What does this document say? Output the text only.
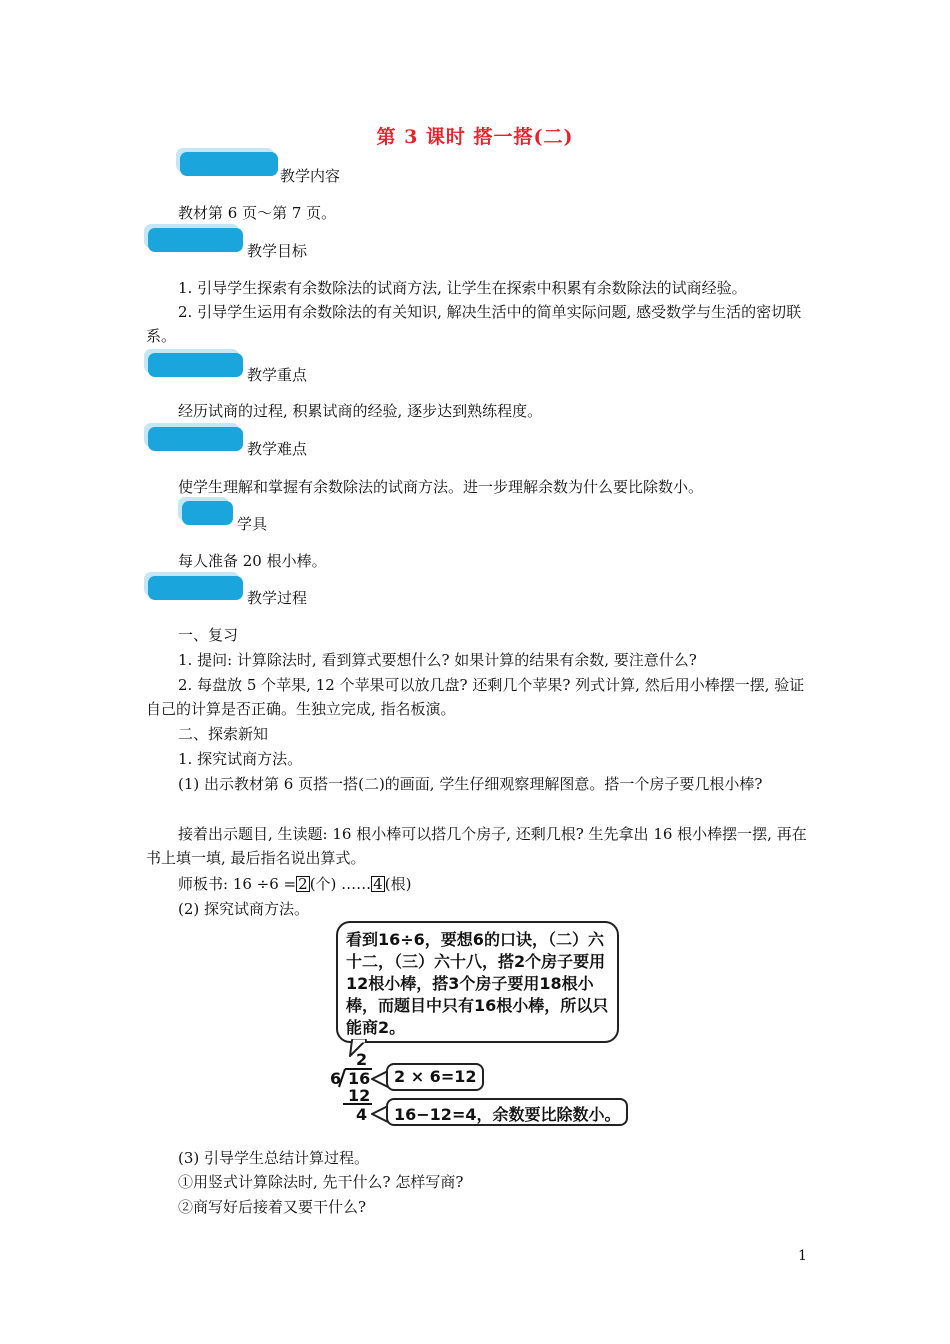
第 3 课时 搭一搭(二)
教学内容
教材第 6 页～第 7 页。
教学目标
1. 引导学生探索有余数除法的试商方法, 让学生在探索中积累有余数除法的试商经验。
2. 引导学生运用有余数除法的有关知识, 解决生活中的简单实际问题, 感受数学与生活的密切联系。
教学重点
经历试商的过程, 积累试商的经验, 逐步达到熟练程度。
教学难点
使学生理解和掌握有余数除法的试商方法。进一步理解余数为什么要比除数小。
学具
每人准备 20 根小棒。
教学过程
一、复习
1. 提问: 计算除法时, 看到算式要想什么? 如果计算的结果有余数, 要注意什么?
2. 每盘放 5 个苹果, 12 个苹果可以放几盘? 还剩几个苹果? 列式计算, 然后用小棒摆一摆, 验证自己的计算是否正确。生独立完成, 指名板演。
二、探索新知
1. 探究试商方法。
(1) 出示教材第 6 页搭一搭(二)的画面, 学生仔细观察理解图意。搭一个房子要几根小棒?
接着出示题目, 生读题: 16 根小棒可以搭几个房子, 还剩几根? 生先拿出 16 根小棒摆一摆, 再在书上填一填, 最后指名说出算式。
师板书: 16 ÷6 = 2 (个) …… 4 (根)
(2) 探究试商方法。
看到16÷6，要想6的口诀，（二）六十二，（三）六十八，搭2个房子要用12根小棒，搭3个房子要用18根小棒，而题目中只有16根小棒，所以只能商2。
2
6 16
12
4
2 × 6=12
16−12=4，余数要比除数小。
(3) 引导学生总结计算过程。
①用竖式计算除法时, 先干什么? 怎样写商?
②商写好后接着又要干什么?
1
